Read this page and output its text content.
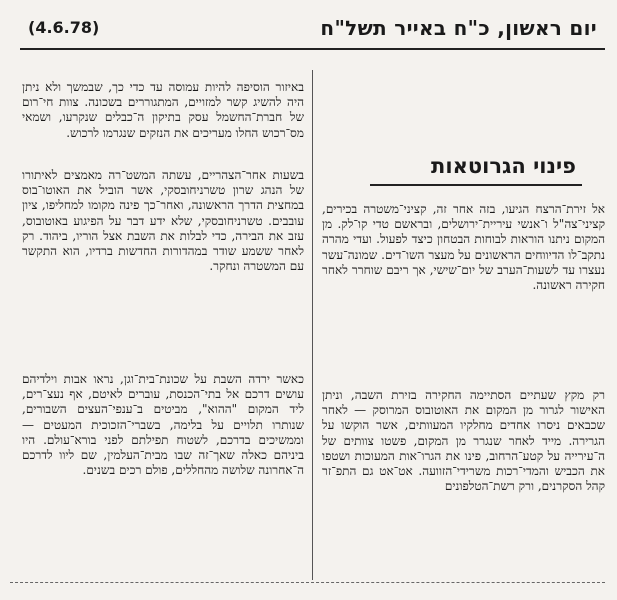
יום ראשון, כ"ח באייר תשל"ח
(4.6.78)
פינוי הגרוטאות

אל זירת־הרצח הגיעו, בזה אחר זה, קציני־משטרה בכירים, קציני־צה"ל ו־אנשי עיריית־ירושלים, ובראשם טדי קו־לק. מן המקום ניתנו הוראות לבוחות הבטחון כיצד לפעול. ועדי מהרה נתקב־לו הדיווחים הראשונים על מעצר השו־דים. שמונה־עשר נעצרו עד לשעות־הערב של יום־שישי, אך ריבם שוחרר לאחר חקירה ראשונה.

רק מקץ שעתיים הסתיימה החקירה בזירת השבה, וניתן האישור לגרור מן המקום את האוטובוס המרוסק — לאחר שכבאים ניסרו אחדים מחלקיו המעוותים, אשר הוקשו על הגרירה. מייד לאחר שנגרר מן המקום, פשטו צוותים של ה־עירייה על קטע־הרחוב, פינו את הגרו־אות המעוכות ושטפו את הכביש והמדי־רכות משרידי־הזוועה. אט־אט גם התפ־זר קהל הסקרנים, ורק רשת־הטלפונים

באיזור הוסיפה להיות עמוסה עד כדי כך, שבמשך ולא ניתן היה להשיג קשר למזויים, המתגוררים בשכונה. צוות חי־רום של חברת־החשמל עסק בתיקון ה־כבלים שנקרעו, ושמאי מס־רכוש החלו מעריכים את הנזקים שנגרמו לרכוש.

בשעות אחר־הצהריים, עשתה המשט־רה מאמצים לאיתורו של הנהג שרון טשרניחובסקי, אשר הוביל את האוטו־בוס במחצית הדרך הראשונה, ואחר־כך פינה מקומו למחליפו, ציון עובבים. טשרניחובסקי, שלא ידע דבר על הפיגוע באוטובוס, עזב את הבירה, כדי לבלות את השבת אצל הוריו, ביהוד. רק לאחר ששמע שודר במהדורות החדשות ברדיו, הוא התקשר עם המשטרה ונחקר.

כאשר ירדה השבת על שכונת־בית־וגן, נראו אבות וילדיהם עושים דרכם אל בתי־הכנסת, עוברים לאיטם, אף נעצ־רים, ליד המקום "ההוא", מביטים ב־ענפי־העצים השבורים, שנותרו תלויים על בלימה, בשברי־הזכוכית המעטים — וממשיכים בדרכם, לשטוח תפילתם לפני בורא־עולם. היו ביניהם כאלה שאך־זה שבו מבית־העלמין, שם ליוו לדרכם ה־אחרונה שלושה מהחללים, פולם רכים בשנים.
